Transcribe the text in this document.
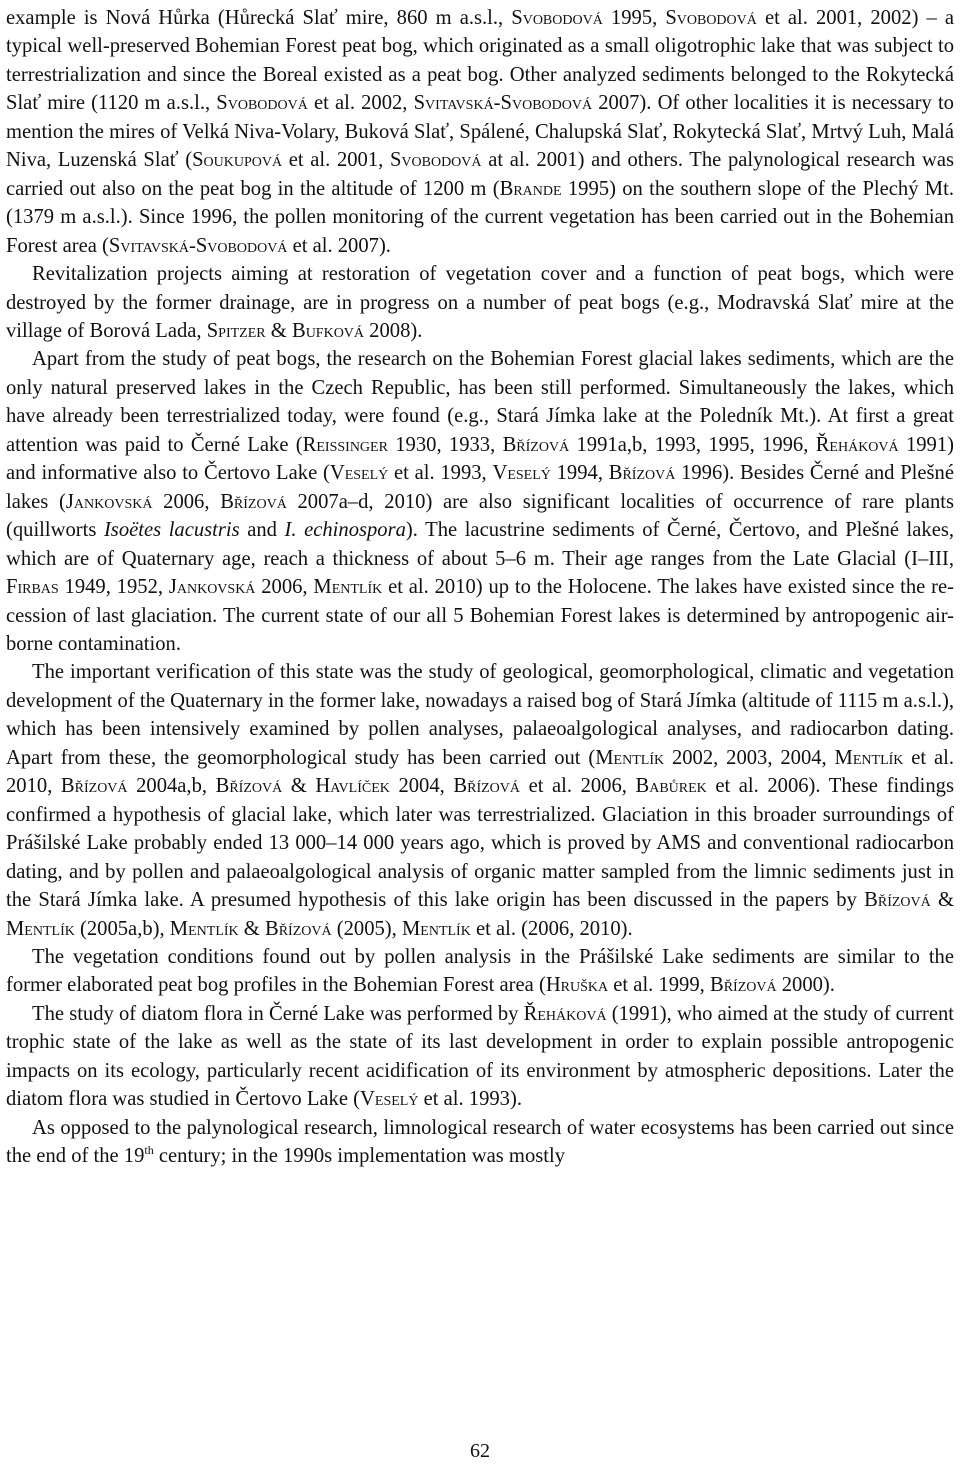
example is Nová Hůrka (Hůrecká Slať mire, 860 m a.s.l., Svobodová 1995, Svobodová et al. 2001, 2002) – a typical well-preserved Bohemian Forest peat bog, which originated as a small oligotrophic lake that was subject to terrestrialization and since the Boreal existed as a peat bog. Other analyzed sediments belonged to the Rokytecká Slať mire (1120 m a.s.l., Svobodová et al. 2002, Svitavská-Svobodová 2007). Of other localities it is necessary to mention the mires of Velká Niva-Volary, Buková Slať, Spálené, Chalupská Slať, Rokytecká Slať, Mrtvý Luh, Malá Niva, Luzenská Slať (Soukupová et al. 2001, Svobodová at al. 2001) and others. The palynological research was carried out also on the peat bog in the altitude of 1200 m (Brande 1995) on the southern slope of the Plechý Mt. (1379 m a.s.l.). Since 1996, the pollen monitoring of the current vegetation has been carried out in the Bohemian Forest area (Svitavská-Svobodová et al. 2007).

Revitalization projects aiming at restoration of vegetation cover and a function of peat bogs, which were destroyed by the former drainage, are in progress on a number of peat bogs (e.g., Modravská Slať mire at the village of Borová Lada, Spitzer & Bufková 2008).

Apart from the study of peat bogs, the research on the Bohemian Forest glacial lakes sediments, which are the only natural preserved lakes in the Czech Republic, has been still performed. Simultaneously the lakes, which have already been terrestrialized today, were found (e.g., Stará Jímka lake at the Poledník Mt.). At first a great attention was paid to Černé Lake (Reissinger 1930, 1933, Břízová 1991a,b, 1993, 1995, 1996, Řeháková 1991) and informative also to Čertovo Lake (Veselý et al. 1993, Veselý 1994, Břízová 1996). Besides Černé and Plešné lakes (Jankovská 2006, Břízová 2007a–d, 2010) are also significant localities of occurrence of rare plants (quillworts Isoëtes lacustris and I. echinospora). The lacustrine sediments of Černé, Čertovo, and Plešné lakes, which are of Quaternary age, reach a thickness of about 5–6 m. Their age ranges from the Late Glacial (I–III, Firbas 1949, 1952, Jankovská 2006, Mentlík et al. 2010) up to the Holocene. The lakes have existed since the recession of last glaciation. The current state of our all 5 Bohemian Forest lakes is determined by antropogenic air-borne contamination.

The important verification of this state was the study of geological, geomorphological, climatic and vegetation development of the Quaternary in the former lake, nowadays a raised bog of Stará Jímka (altitude of 1115 m a.s.l.), which has been intensively examined by pollen analyses, palaeoalgological analyses, and radiocarbon dating. Apart from these, the geomorphological study has been carried out (Mentlík 2002, 2003, 2004, Mentlík et al. 2010, Břízová 2004a,b, Břízová & Havlíček 2004, Břízová et al. 2006, Babůrek et al. 2006). These findings confirmed a hypothesis of glacial lake, which later was terrestrialized. Glaciation in this broader surroundings of Prášilské Lake probably ended 13 000–14 000 years ago, which is proved by AMS and conventional radiocarbon dating, and by pollen and palaeoalgological analysis of organic matter sampled from the limnic sediments just in the Stará Jímka lake. A presumed hypothesis of this lake origin has been discussed in the papers by Břízová & Mentlík (2005a,b), Mentlík & Břízová (2005), Mentlík et al. (2006, 2010).

The vegetation conditions found out by pollen analysis in the Prášilské Lake sediments are similar to the former elaborated peat bog profiles in the Bohemian Forest area (Hruška et al. 1999, Břízová 2000).

The study of diatom flora in Černé Lake was performed by Řeháková (1991), who aimed at the study of current trophic state of the lake as well as the state of its last development in order to explain possible antropogenic impacts on its ecology, particularly recent acidification of its environment by atmospheric depositions. Later the diatom flora was studied in Čertovo Lake (Veselý et al. 1993).

As opposed to the palynological research, limnological research of water ecosystems has been carried out since the end of the 19th century; in the 1990s implementation was mostly

62
